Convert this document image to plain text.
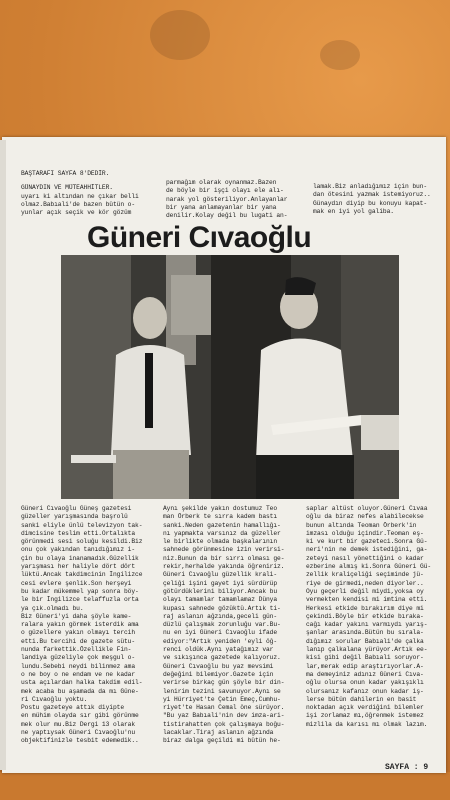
BAŞTARAFI SAYFA 8'DEDİR.
GÜNAYDIN VE MÜTEAHHİTLER.
uyarı ki altından ne çıkar belli
olmaz.Babıali'de bazen bütün o-
yunlar açık seçik ve kör gözüm
parmağım olarak oynanmaz.Bazen
de böyle bir işçi olayı ele alı-
narak yol gösteriliyor.Anlayanlar
bir yana anlamayanlar bir yana
denilir.Kolay değil bu lugati an-
lamak.Biz anladığımız için bun-
dan ötesini yazmak istemiyoruz..
Günaydın diyip bu konuyu kapat-
mak en iyi yol galiba.
Güneri Cıvaoğlu
Güneri Cıvaoğlu Güneş gazetesi
güzeller yarışmasında başrolü
sanki eliyle ünlü televizyon tak-
dimcisine teslim etti.Ortalıkta
görünmedi sesi soluğu kesildi.Biz
onu çok yakından tanıdığımız i-
çin bu olaya inanamadık.Güzellik
yarışması her haliyle dört dört
lüktü.Ancak takdimcinin İngilizce
cesi evlere şenlik.Son herşeyi
bu kadar mükemmel yap sonra böy-
le bir İngilizce telaffuzla orta
ya çık.olmadı bu.
Biz Güneri'yi daha şöyle kame-
ralara yakın görmek isterdik ama
o güzellere yakın olmayı tercih
etti.Bu tercihi de gazete sütu-
nunda farkettik.Özellikle Fin-
landiya güzeliyle çok meşgul o-
lundu.Sebebi neydi bilinmez ama
o ne boy o ne endam ve ne kadar
usta açılardan halka takdim edil-
mek acaba bu aşamada da mı Güne-
ri Cıvaoğlu yoktu.
Postu gazeteye attık diyipte
en mühim olayda sır gibi görünme
mek olur mu.Biz Dergi 13 olarak
ne yaptıysak Güneri Cıvaoğlu'nu
objektifinizle tesbit edemedik..
Aynı şekilde yakın dostumuz Teo
man Örberk te sırra kadem bastı
sanki.Neden gazetenin hamallığı-
nı yapmakta varsınız da güzeller
le birlikte olmada başkalarının
sahnede görünmesine izin verirsi-
niz.Bunun da bir sırrı olması ge-
rekir,herhalde yakında öğreniriz.
Güneri Cıvaoğlu güzellik krali-
çeliği işini gayet iyi sürdürüp
götürdüklerini biliyor.Ancak bu
olayı tamamlar tamamlamaz Dünya
kupası sahnede gözüktü.Artık ti-
raj aslanın ağzında,geceli gün-
düzlü çalışmak zorunluğu var.Bu-
nu en iyi Güneri Cıvaoğlu ifade
ediyor:"Artık yeniden 'eyli öğ-
renci oldük.Aynı yatağımız var
ve sıkışınca gazetede kalıyoruz.
Güneri Cıvaoğlu bu yaz mevsimi
değeğini bilemiyor.Gazete için
verirse birkaç gün şöyle bir din-
lenirim tezini savunuyor.Aynı se
yi Hürriyet'te Çetin Emeç,Cumhu-
riyet'te Hasan Cemal öne sürüyor.
"Bu yaz Babıali'nin dev imza-ari-
tistirahatten çok çalışmaya boğu-
lacaklar.Tiraj aslanın ağzında
biraz dalga geçildi mi bütün he-
saplar altüst oluyor.Güneri Cıvaa
oğlu da biraz nefes alabilecekse
bunun altında Teoman Örberk'in
imzası olduğu içindir.Teoman eş-
ki ve kurt bir gazeteci.Sonra Gü-
neri'nin ne demek istediğini, ga-
zeteyi nasıl yönettiğini o kadar
ezberine almış ki.Sonra Güneri Gü-
zellik kraliçeliği seçiminde jü-
riye de girmedi,neden diyorler..
Oyu geçerli değil miydi,yoksa oy
vermekten kendisi mi imtina etti.
Herkesi etkide bırakırım diye mi
çekindi.Böyle bir etkide bıraka-
cağı kadar yakını varmıydı yarış-
şanlar arasında.Bütün bu sırala-
dığımız sorular Babıali'de çalka
lanıp çalkalana yürüyor.Artık ee-
kisi gibi değil Babıali soruyor-
lar,merak edip araştırıyorlar.A-
ma demeyiniz adınız Güneri Cıva-
oğlu olursa onun kadar yakışıklı
olursanız kafanız onun kadar iş-
lerse bütün dahilerin en basit
noktadan açık verdiğini bilemler
işi zorlamaz mı,öğrenmek istemez
mizlila da karısı mı olmak lazım.
SAYFA : 9
